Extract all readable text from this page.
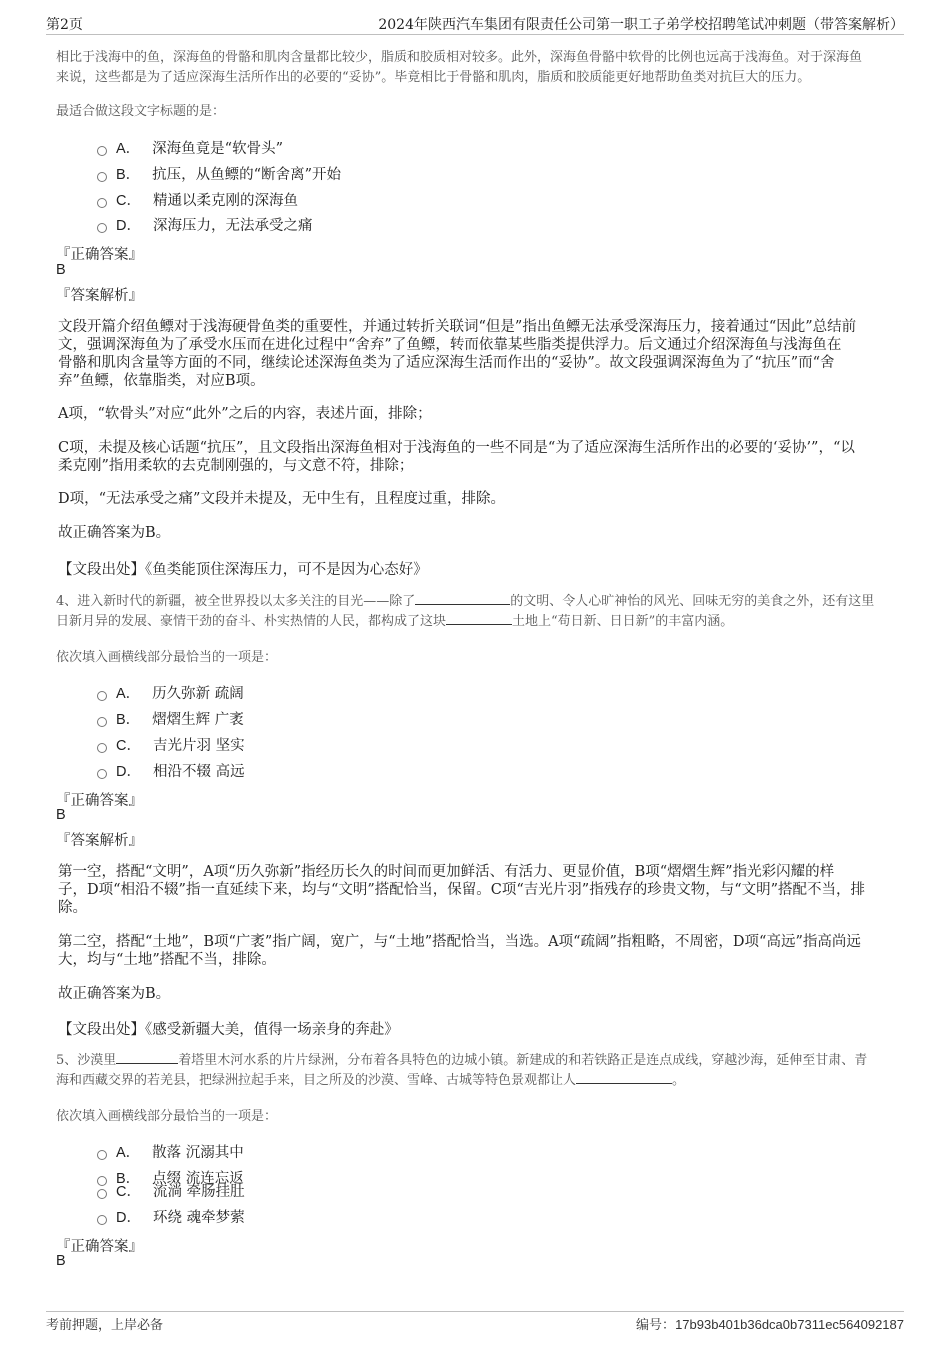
第2页	2024年陕西汽车集团有限责任公司第一职工子弟学校招聘笔试冲刺题（带答案解析）
相比于浅海中的鱼，深海鱼的骨骼和肌肉含量都比较少，脂质和胶质相对较多。此外，深海鱼骨骼中软骨的比例也远高于浅海鱼。对于深海鱼
来说，这些都是为了适应深海生活所作出的必要的“妥协”。毕竟相比于骨骼和肌肉，脂质和胶质能更好地帮助鱼类对抗巨大的压力。
最适合做这段文字标题的是：
A． 深海鱼竟是“软骨头”
B． 抗压，从鱼鳔的“断舍离”开始
C． 精通以柔克刚的深海鱼
D． 深海压力，无法承受之痛
『正确答案』
B
『答案解析』
文段开篇介绍鱼鳔对于浅海硬骨鱼类的重要性，并通过转折关联词“但是”指出鱼鳔无法承受深海压力，接着通过“因此”总结前
文，强调深海鱼为了承受水压而在进化过程中“舍弃”了鱼鳔，转而依靠某些脂类提供浮力。后文通过介绍深海鱼与浅海鱼在
骨骼和肌肉含量等方面的不同，继续论述深海鱼类为了适应深海生活而作出的“妥协”。故文段强调深海鱼为了“抗压”而“舍
弃”鱼鳔，依靠脂类，对应B项。
A项，“软骨头”对应“此外”之后的内容，表述片面，排除；
C项，未提及核心话题“抗压”，且文段指出深海鱼相对于浅海鱼的一些不同是“为了适应深海生活所作出的必要的‘妥协’”，“以
柔克刚”指用柔软的去克制刚强的，与文意不符，排除；
D项，“无法承受之痛”文段并未提及，无中生有，且程度过重，排除。
故正确答案为B。
【文段出处】《鱼类能顶住深海压力，可不是因为心态好》
4、进入新时代的新疆，被全世界投以太多关注的目光——除了	的文明、令人心旷神怡的风光、回味无穷的美食之外，还有这里
日新月异的发展、豪情干劲的奋斗、朴实热情的人民，都构成了这块	土地上“苟日新、日日新”的丰富内涵。
依次填入画横线部分最恰当的一项是：
A． 历久弥新 疏阔
B． 熠熠生辉 广袤
C． 吉光片羽 坚实
D． 相沿不辍 高远
『正确答案』
B
『答案解析』
第一空，搭配“文明”，A项“历久弥新”指经历长久的时间而更加鲜活、有活力、更显价值，B项“熠熠生辉”指光彩闪耀的样
子，D项“相沿不辍”指一直延续下来，均与“文明”搭配恰当，保留。C项“吉光片羽”指残存的珍贵文物，与“文明”搭配不当，排
除。
第二空，搭配“土地”，B项“广袤”指广阔，宽广，与“土地”搭配恰当，当选。A项“疏阔”指粗略，不周密，D项“高远”指高尚远
大，均与“土地”搭配不当，排除。
故正确答案为B。
【文段出处】《感受新疆大美，值得一场亲身的奔赴》
5、沙漠里	着塔里木河水系的片片绿洲，分布着各具特色的边城小镇。新建成的和若铁路正是连点成线，穿越沙海，延伸至甘肃、青
海和西藏交界的若羌县，把绿洲拉起手来，目之所及的沙漠、雪峰、古城等特色景观都让人	。
依次填入画横线部分最恰当的一项是：
A． 散落 沉溺其中
B． 点缀 流连忘返
C． 流淌 牵肠挂肚
D． 环绕 魂牵梦萦
『正确答案』
B
考前押题，上岸必备	编号：17b93b401b36dca0b7311ec564092187
